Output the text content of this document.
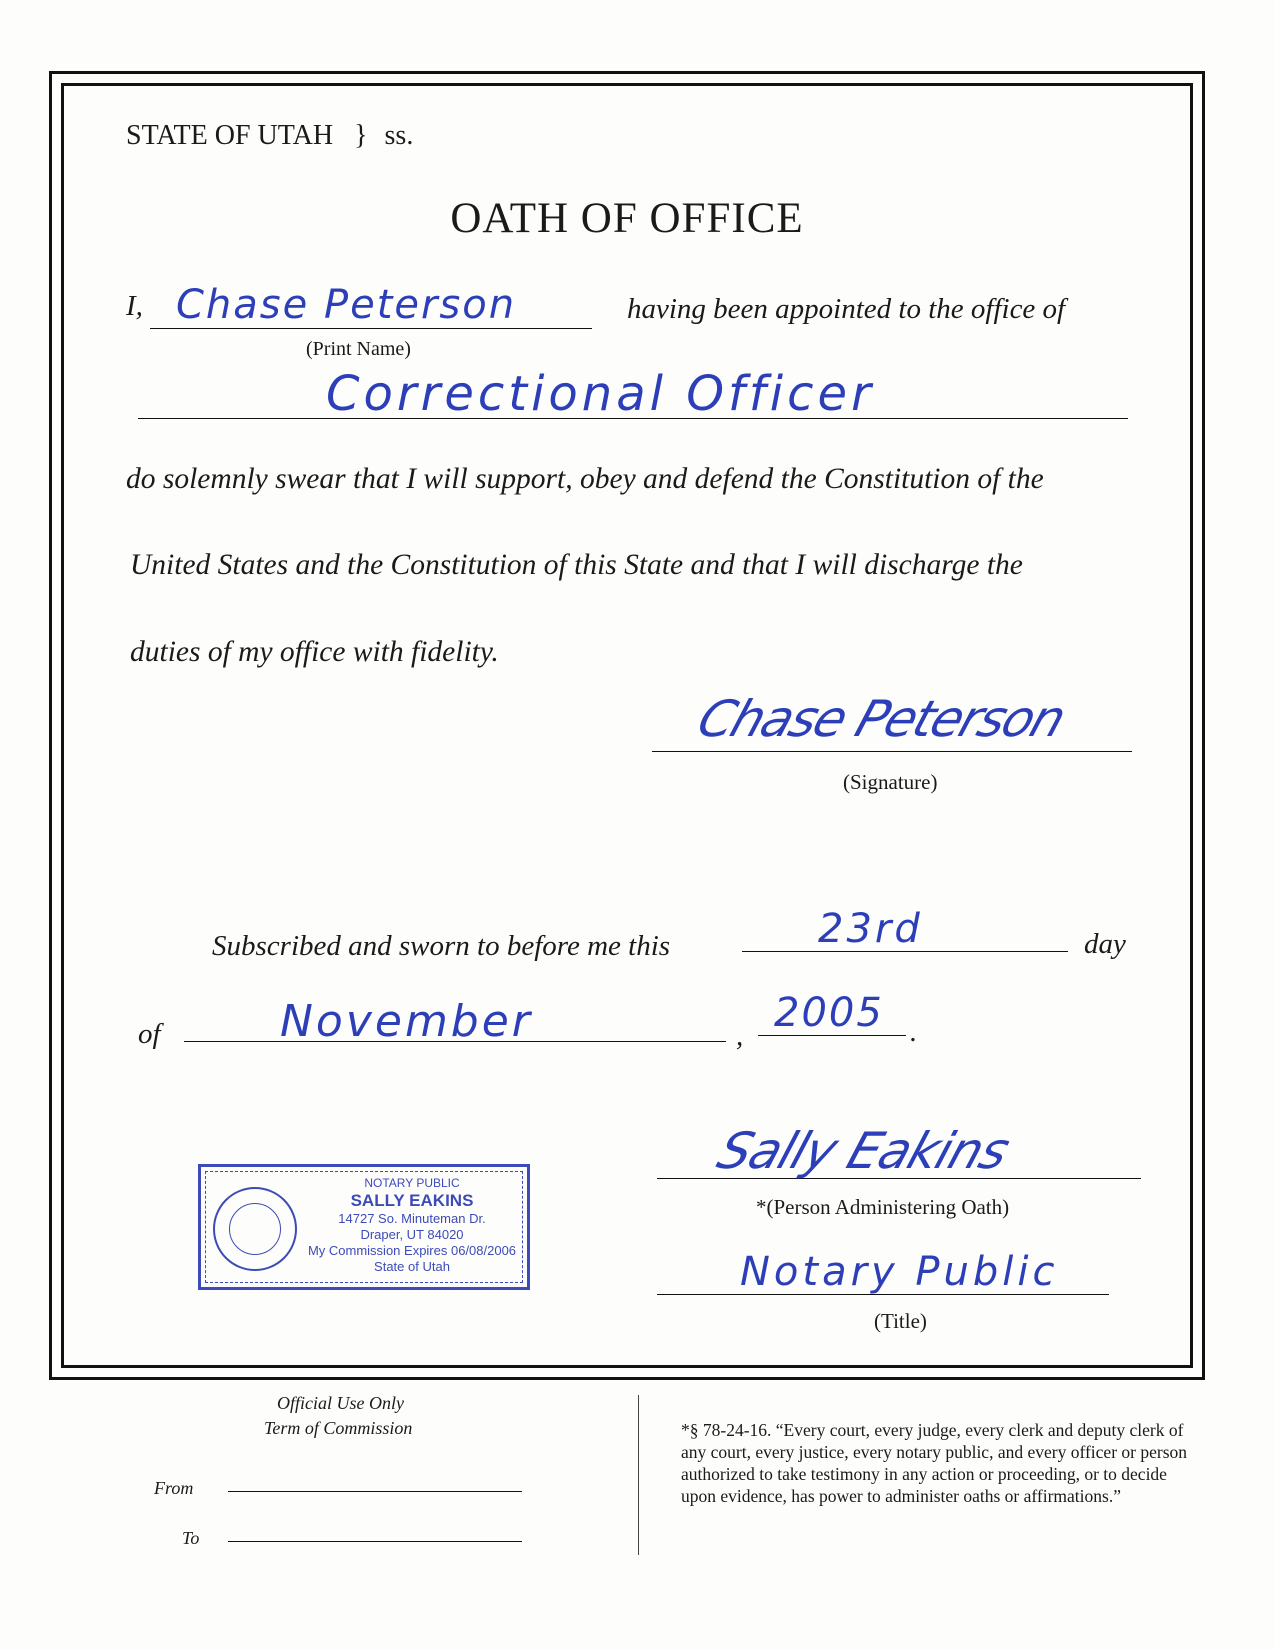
STATE OF UTAH } ss.
OATH OF OFFICE
I, Chase Peterson
(Print Name)
having been appointed to the office of
Correctional Officer
do solemnly swear that I will support, obey and defend the Constitution of the
United States and the Constitution of this State and that I will discharge the
duties of my office with fidelity.
Chase Peterson
(Signature)
Subscribed and sworn to before me this	23rd	day
of	November	, 2005 .
Sally Eakins
*(Person Administering Oath)
Notary Public
(Title)
NOTARY PUBLIC
SALLY EAKINS
14727 So. Minuteman Dr.
Draper, UT 84020
My Commission Expires 06/08/2006
State of Utah
Official Use Only
Term of Commission
From
To
*§ 78-24-16. “Every court, every judge, every clerk and deputy clerk of any court, every justice, every notary public, and every officer or person authorized to take testimony in any action or proceeding, or to decide upon evidence, has power to administer oaths or affirmations.”
